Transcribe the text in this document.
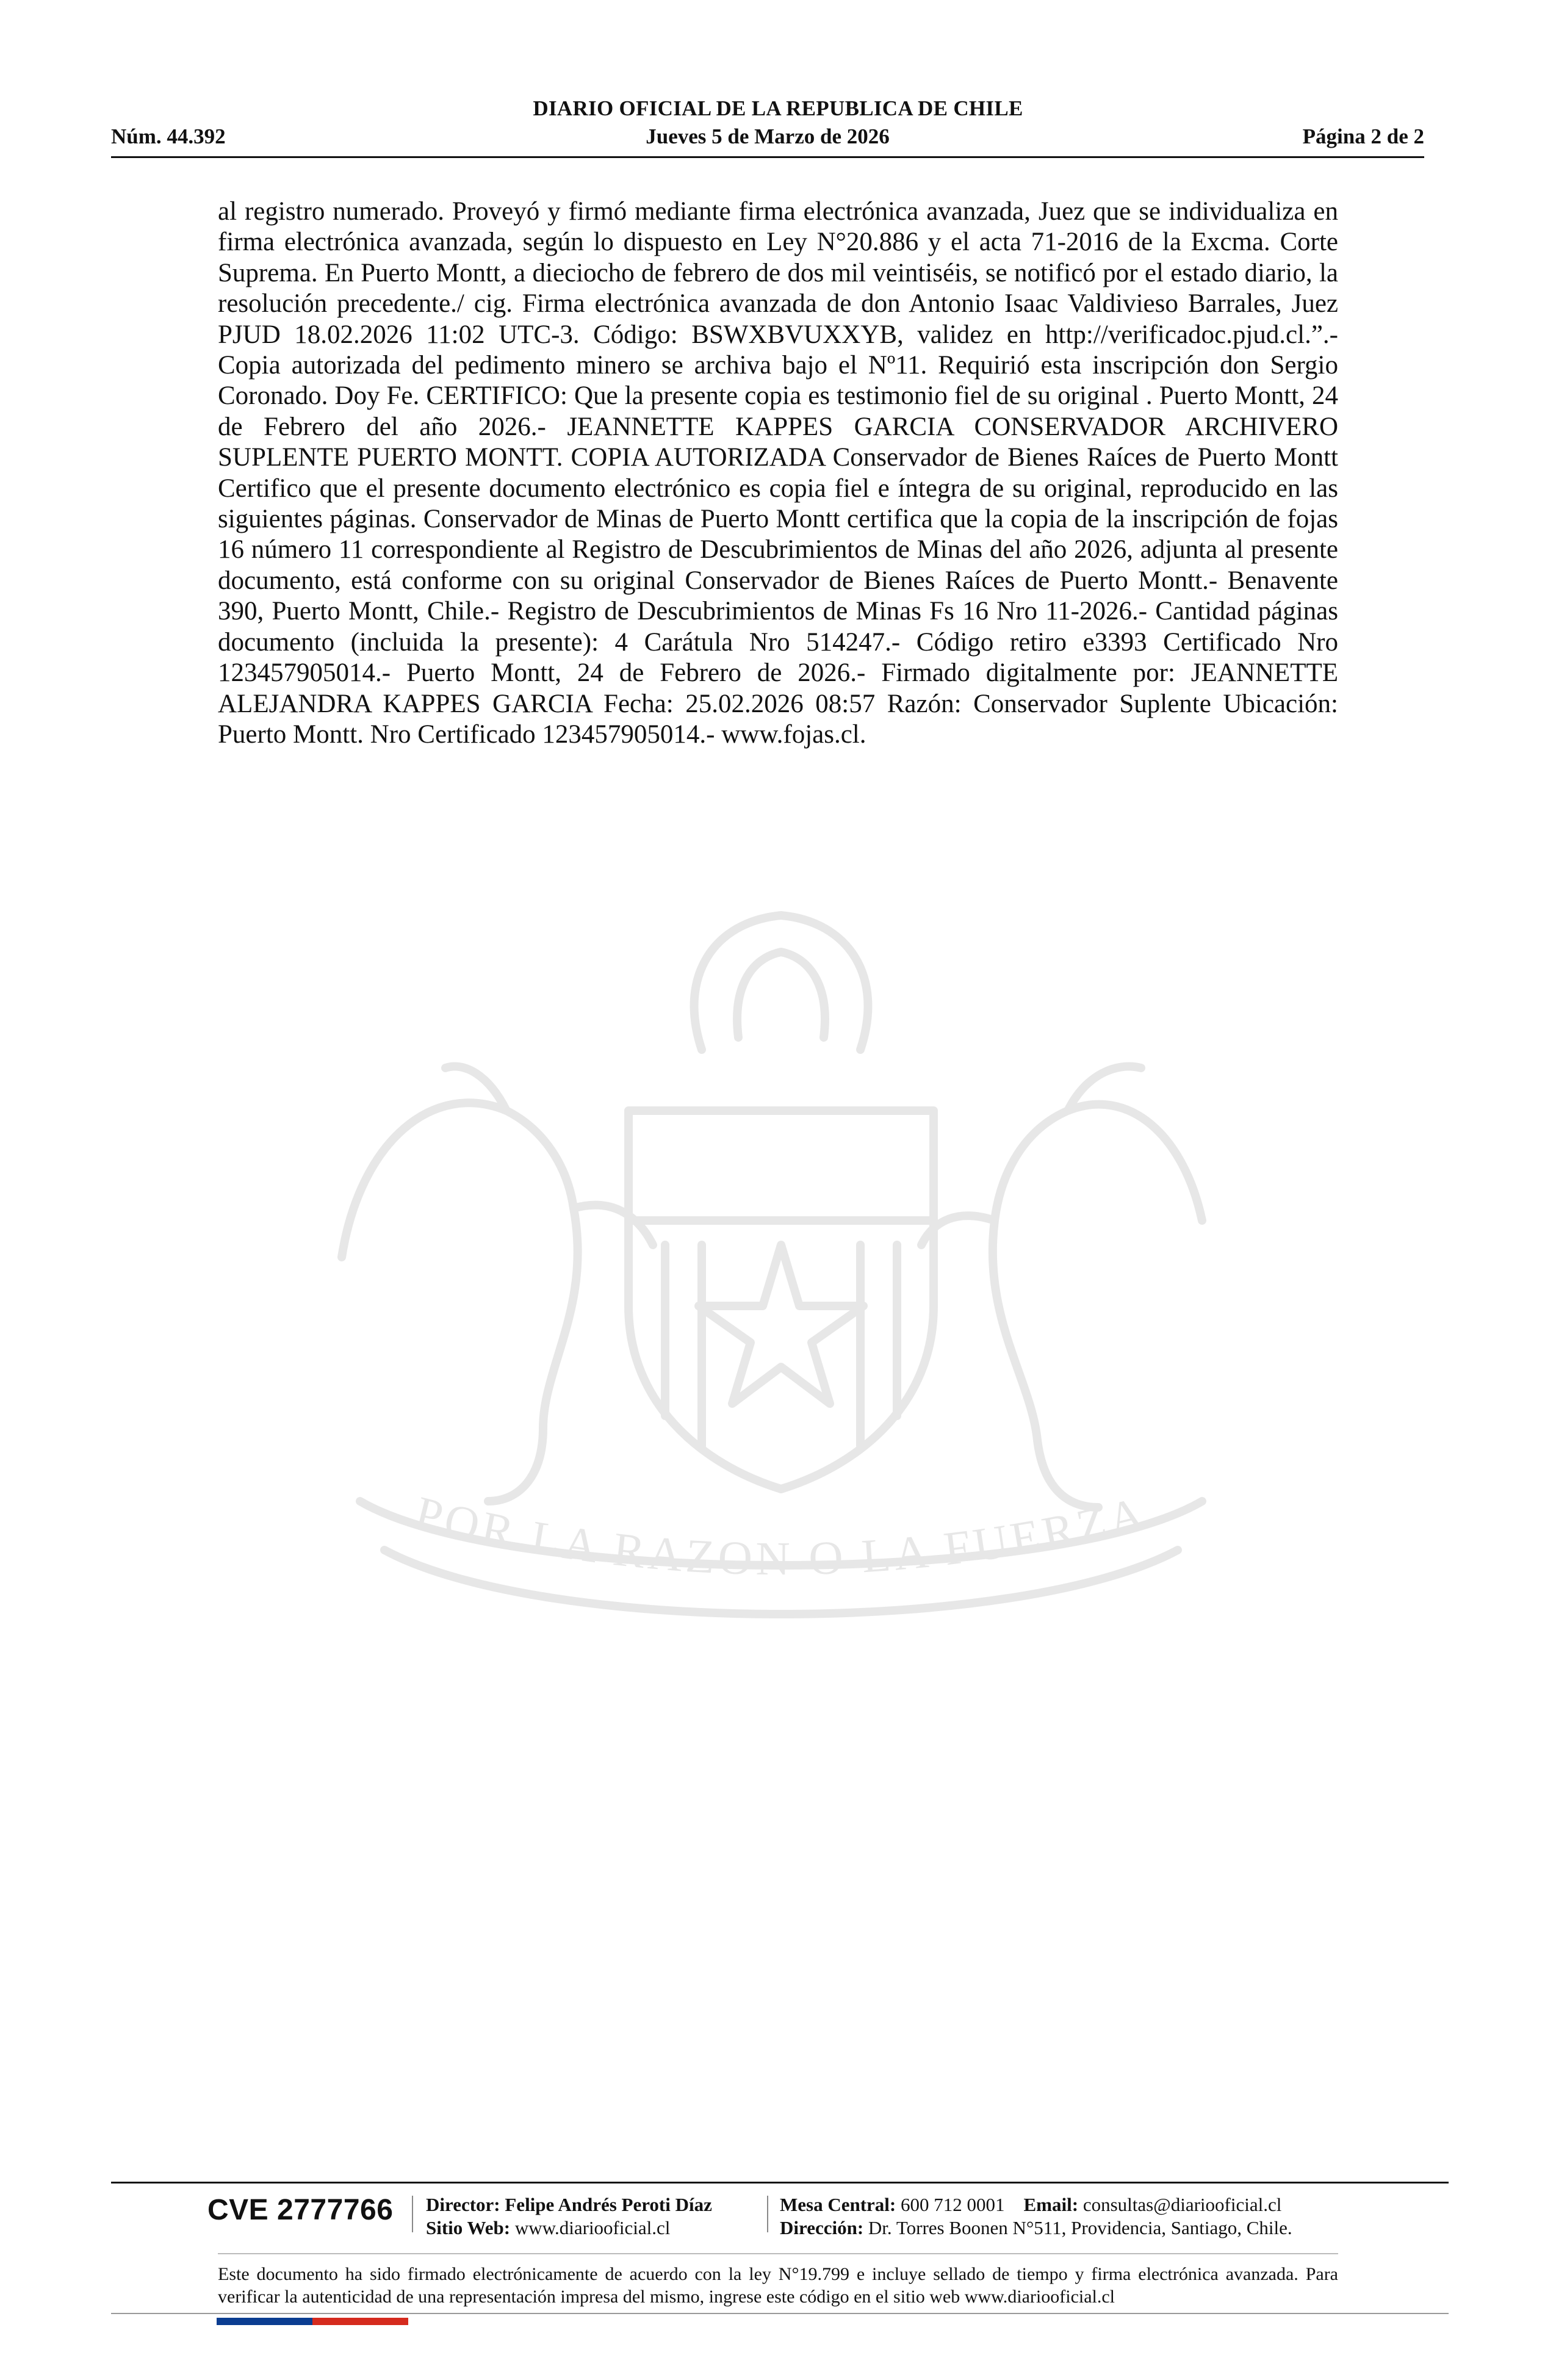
DIARIO OFICIAL DE LA REPUBLICA DE CHILE
Núm. 44.392	Jueves 5 de Marzo de 2026	Página 2 de 2

al registro numerado. Proveyó y firmó mediante firma electrónica avanzada, Juez que se individualiza en firma electrónica avanzada, según lo dispuesto en Ley N°20.886 y el acta 71-2016 de la Excma. Corte Suprema. En Puerto Montt, a dieciocho de febrero de dos mil veintiséis, se notificó por el estado diario, la resolución precedente./ cig. Firma electrónica avanzada de don Antonio Isaac Valdivieso Barrales, Juez PJUD 18.02.2026 11:02 UTC-3. Código: BSWXBVUXXYB, validez en http://verificadoc.pjud.cl.”.- Copia autorizada del pedimento minero se archiva bajo el Nº11. Requirió esta inscripción don Sergio Coronado. Doy Fe. CERTIFICO: Que la presente copia es testimonio fiel de su original . Puerto Montt, 24 de Febrero del año 2026.- JEANNETTE KAPPES GARCIA CONSERVADOR ARCHIVERO SUPLENTE PUERTO MONTT. COPIA AUTORIZADA Conservador de Bienes Raíces de Puerto Montt Certifico que el presente documento electrónico es copia fiel e íntegra de su original, reproducido en las siguientes páginas. Conservador de Minas de Puerto Montt certifica que la copia de la inscripción de fojas 16 número 11 correspondiente al Registro de Descubrimientos de Minas del año 2026, adjunta al presente documento, está conforme con su original Conservador de Bienes Raíces de Puerto Montt.- Benavente 390, Puerto Montt, Chile.- Registro de Descubrimientos de Minas Fs 16 Nro 11-2026.- Cantidad páginas documento (incluida la presente): 4 Carátula Nro 514247.- Código retiro e3393 Certificado Nro 123457905014.- Puerto Montt, 24 de Febrero de 2026.- Firmado digitalmente por: JEANNETTE ALEJANDRA KAPPES GARCIA Fecha: 25.02.2026 08:57 Razón: Conservador Suplente Ubicación: Puerto Montt. Nro Certificado 123457905014.- www.fojas.cl.

POR LA RAZON O LA FUERZA
CVE 2777766 Director: Felipe Andrés Peroti Díaz
Sitio Web: www.diariooficial.cl
Mesa Central: 600 712 0001 Email: consultas@diariooficial.cl
Dirección: Dr. Torres Boonen N°511, Providencia, Santiago, Chile.

Este documento ha sido firmado electrónicamente de acuerdo con la ley N°19.799 e incluye sellado de tiempo y firma electrónica avanzada. Para verificar la autenticidad de una representación impresa del mismo, ingrese este código en el sitio web www.diariooficial.cl
